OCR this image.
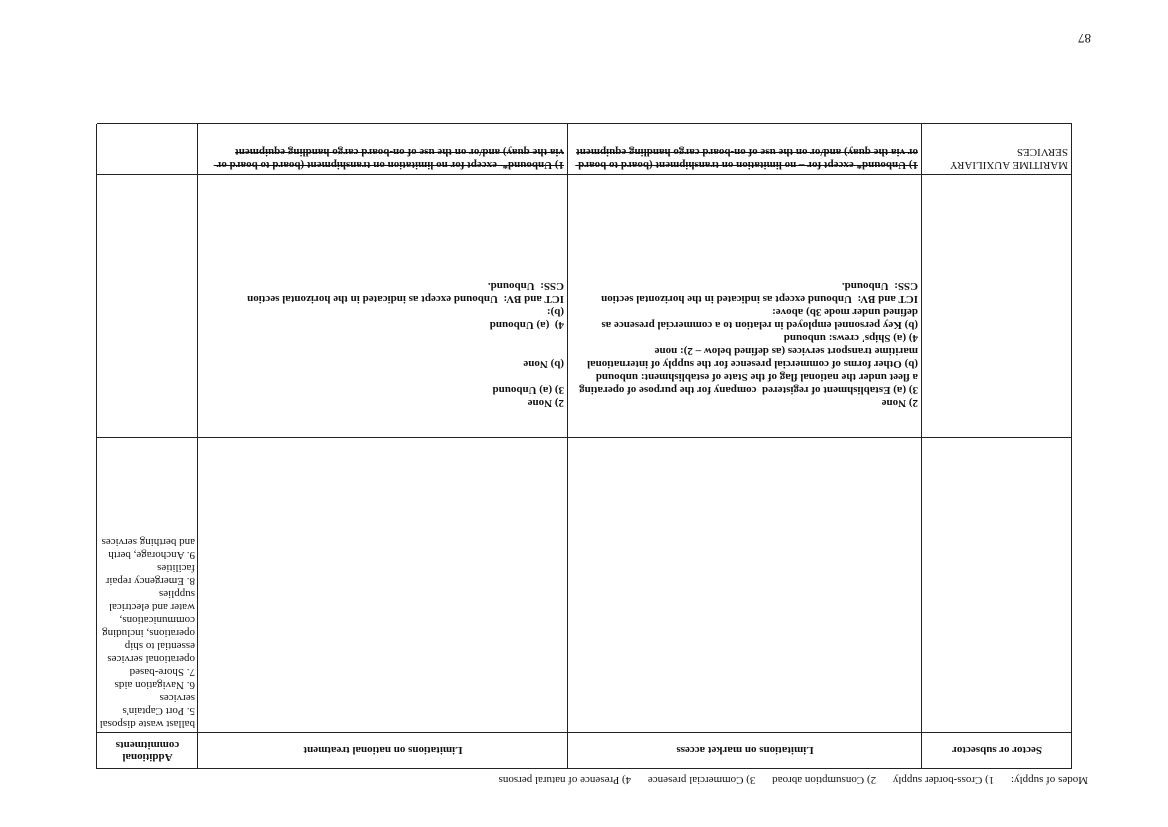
Modes of supply: 1) Cross-border supply 2) Consumption abroad 3) Commercial presence 4) Presence of natural persons
Sector or subsector
Limitations on market access
Limitations on national treatment
Additional commitments
ballast waste disposal
5. Port Captain's services
6. Navigation aids
7. Shore-based operational services essential to ship operations, including communications, water and electrical supplies
8. Emergency repair facilities
9. Anchorage, berth and berthing services
MARITIME AUXILIARY SERVICES

2) None
3) (a) Establishment of registered  company for the purpose of operating a fleet under the national flag of the State of establishment: unbound
(b) Other forms of commercial presence for the supply of international maritime transport services (as defined below – 2): none
4) (a) Ships' crews: unbound
(b) Key personnel employed in relation to a commercial presence as defined under mode 3b) above:
ICT and BV:  Unbound except as indicated in the horizontal section
CSS:  Unbound.

1) Unbound* except for – no limitation on transhipment (board to board or via the quay) and/or on the use of on-board cargo handling equipment

2) None
3) (a) Unbound

(b) None

4)  (a) Unbound
(b):
ICT and BV:  Unbound except as indicated in the horizontal section
CSS:  Unbound.

1) Unbound*  except for no limitation on transhipment (board to board or via the quay) and/or on the use of on-board cargo handling equipment
87
